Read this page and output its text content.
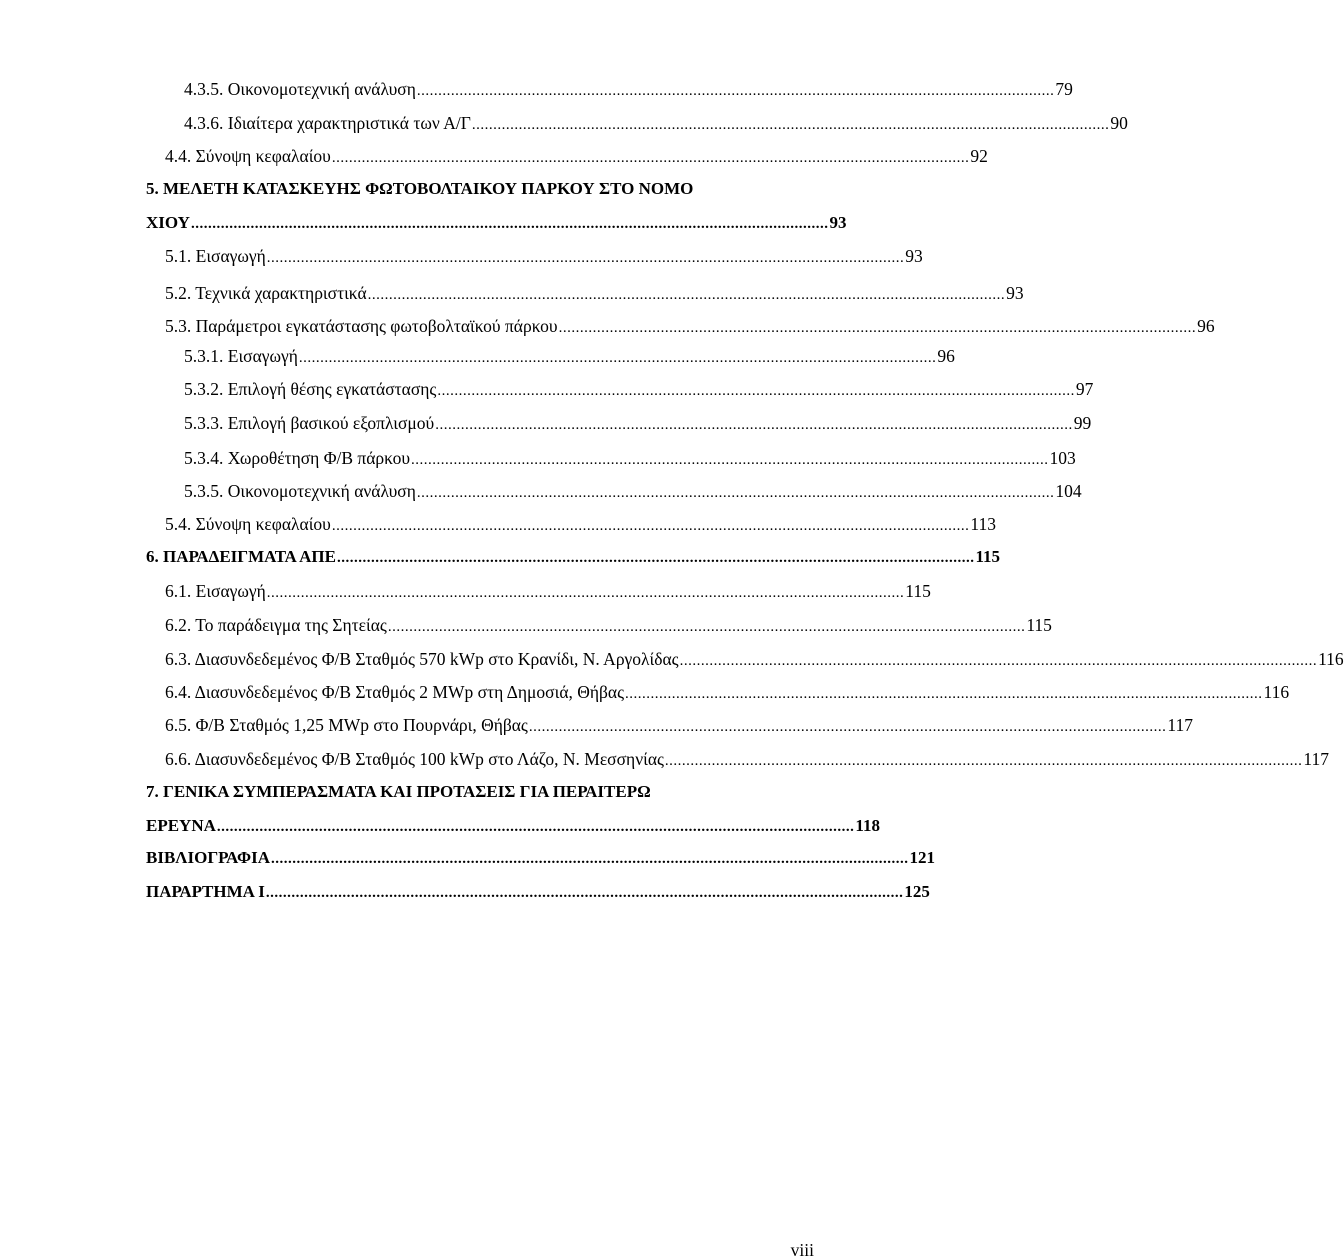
4.3.5. Οικονομοτεχνική ανάλυση ...................................................................................................................................................... 79
4.3.6. Ιδιαίτερα χαρακτηριστικά των Α/Γ ...................................................................................................................................................... 90
4.4. Σύνοψη κεφαλαίου ...................................................................................................................................................... 92
5. ΜΕΛΕΤΗ ΚΑΤΑΣΚΕΥΗΣ ΦΩΤΟΒΟΛΤΑΙΚΟΥ ΠΑΡΚΟΥ ΣΤΟ ΝΟΜΟ
ΧΙΟΥ ...................................................................................................................................................... 93
5.1. Εισαγωγή ...................................................................................................................................................... 93
5.2. Τεχνικά χαρακτηριστικά ...................................................................................................................................................... 93
5.3. Παράμετροι εγκατάστασης φωτοβολταϊκού πάρκου ...................................................................................................................................................... 96
5.3.1. Εισαγωγή ...................................................................................................................................................... 96
5.3.2. Επιλογή θέσης εγκατάστασης ...................................................................................................................................................... 97
5.3.3. Επιλογή βασικού εξοπλισμού ...................................................................................................................................................... 99
5.3.4. Χωροθέτηση Φ/Β πάρκου ...................................................................................................................................................... 103
5.3.5. Οικονομοτεχνική ανάλυση ...................................................................................................................................................... 104
5.4. Σύνοψη κεφαλαίου ...................................................................................................................................................... 113
6. ΠΑΡΑΔΕΙΓΜΑΤΑ ΑΠΕ ...................................................................................................................................................... 115
6.1. Εισαγωγή ...................................................................................................................................................... 115
6.2. Το παράδειγμα της Σητείας ...................................................................................................................................................... 115
6.3. Διασυνδεδεμένος Φ/Β Σταθμός 570 kWp στο Κρανίδι, Ν. Αργολίδας ...................................................................................................................................................... 116
6.4. Διασυνδεδεμένος Φ/Β Σταθμός 2 MWp στη Δημοσιά, Θήβας ...................................................................................................................................................... 116
6.5. Φ/Β Σταθμός 1,25 MWp στο Πουρνάρι, Θήβας ...................................................................................................................................................... 117
6.6. Διασυνδεδεμένος Φ/Β Σταθμός 100 kWp στο Λάζο, Ν. Μεσσηνίας ...................................................................................................................................................... 117
7. ΓΕΝΙΚΑ ΣΥΜΠΕΡΑΣΜΑΤΑ ΚΑΙ ΠΡΟΤΑΣΕΙΣ ΓΙΑ ΠΕΡΑΙΤΕΡΩ
ΕΡΕΥΝΑ ...................................................................................................................................................... 118
ΒΙΒΛΙΟΓΡΑΦΙΑ ...................................................................................................................................................... 121
ΠΑΡΑΡΤΗΜΑ Ι ...................................................................................................................................................... 125
viii
